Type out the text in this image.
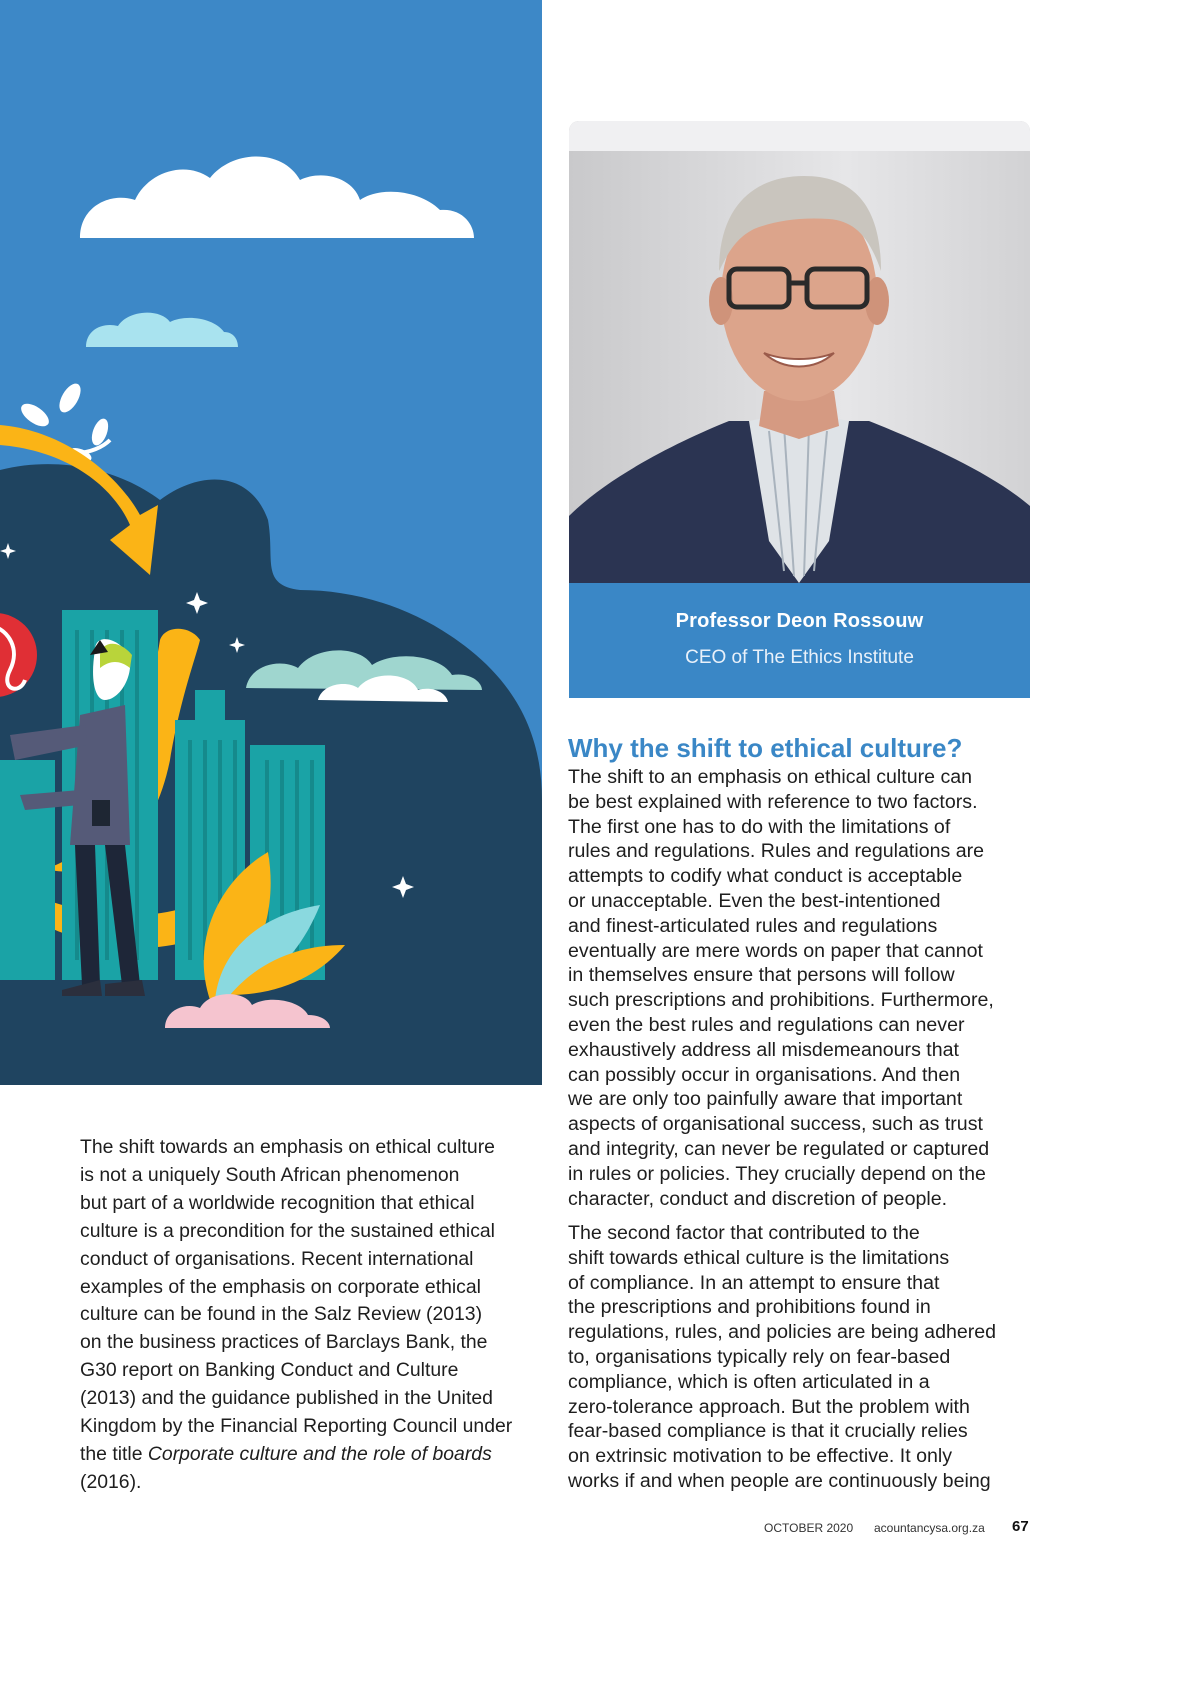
Professor Deon Rossouw
CEO of The Ethics Institute
Why the shift to ethical culture?

The shift to an emphasis on ethical culture can
be best explained with reference to two factors.
The first one has to do with the limitations of
rules and regulations. Rules and regulations are
attempts to codify what conduct is acceptable
or unacceptable. Even the best-intentioned
and finest-articulated rules and regulations
eventually are mere words on paper that cannot
in themselves ensure that persons will follow
such prescriptions and prohibitions. Furthermore,
even the best rules and regulations can never
exhaustively address all misdemeanours that
can possibly occur in organisations. And then
we are only too painfully aware that important
aspects of organisational success, such as trust
and integrity, can never be regulated or captured
in rules or policies. They crucially depend on the
character, conduct and discretion of people.

The second factor that contributed to the
shift towards ethical culture is the limitations
of compliance. In an attempt to ensure that
the prescriptions and prohibitions found in
regulations, rules, and policies are being adhered
to, organisations typically rely on fear-based
compliance, which is often articulated in a
zero-tolerance approach. But the problem with
fear-based compliance is that it crucially relies
on extrinsic motivation to be effective. It only
works if and when people are continuously being

The shift towards an emphasis on ethical culture
is not a uniquely South African phenomenon
but part of a worldwide recognition that ethical
culture is a precondition for the sustained ethical
conduct of organisations. Recent international
examples of the emphasis on corporate ethical
culture can be found in the Salz Review (2013)
on the business practices of Barclays Bank, the
G30 report on Banking Conduct and Culture
(2013) and the guidance published in the United
Kingdom by the Financial Reporting Council under
the title Corporate culture and the role of boards
(2016).

OCTOBER 2020 acountancysa.org.za 67
